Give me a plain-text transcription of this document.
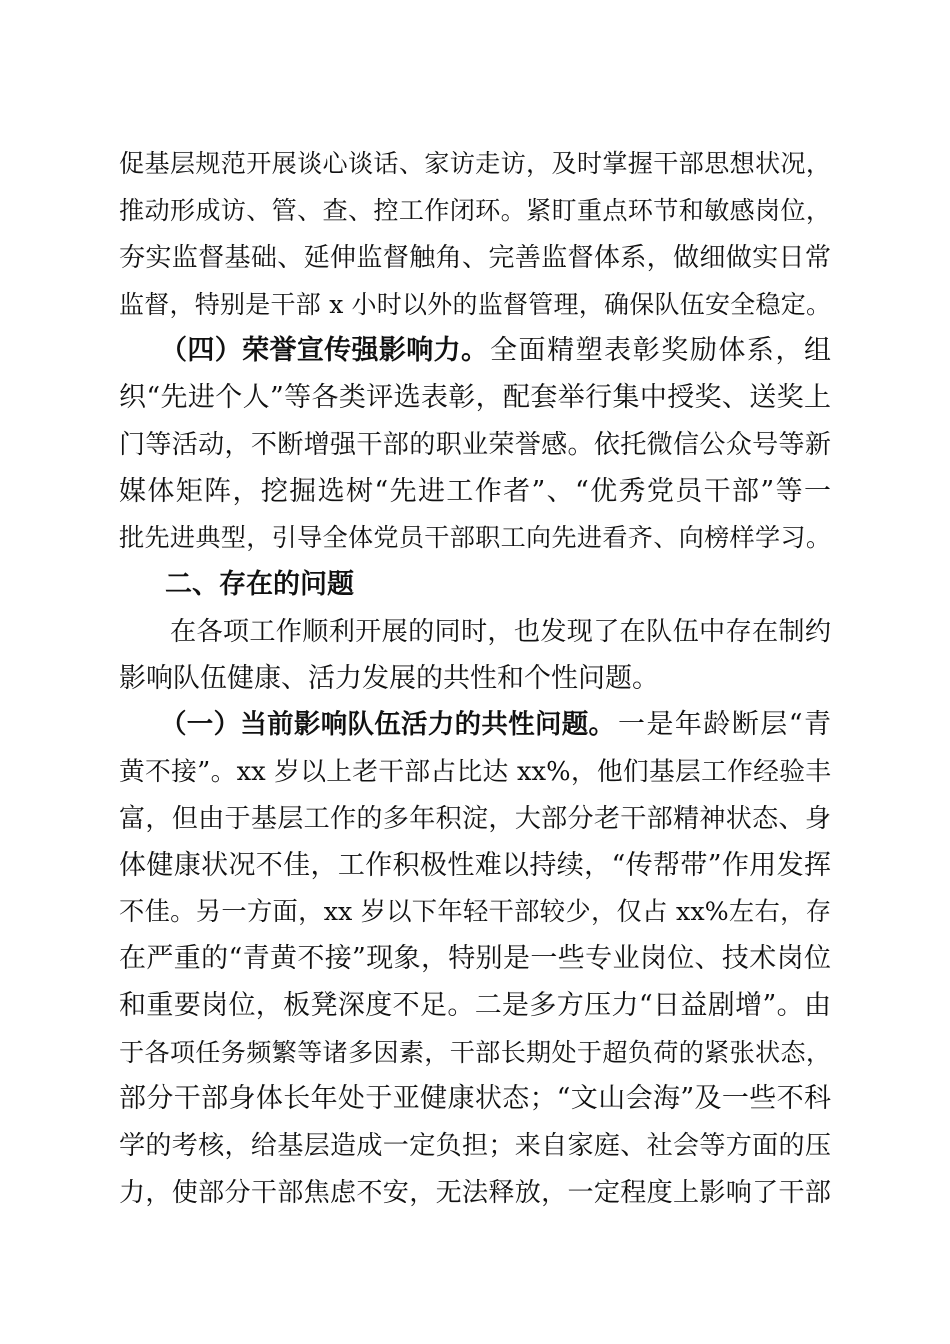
促基层规范开展谈心谈话、家访走访，及时掌握干部思想状况，
推动形成访、管、查、控工作闭环。紧盯重点环节和敏感岗位，
夯实监督基础、延伸监督触角、完善监督体系，做细做实日常
监督，特别是干部 x 小时以外的监督管理，确保队伍安全稳定。
（四）荣誉宣传强影响力。 全面精塑表彰奖励体系，组
织“先进个人”等各类评选表彰，配套举行集中授奖、送奖上
门等活动，不断增强干部的职业荣誉感。依托微信公众号等新
媒体矩阵，挖掘选树“先进工作者”、“优秀党员干部”等一
批先进典型，引导全体党员干部职工向先进看齐、向榜样学习。
二、存在的问题
在各项工作顺利开展的同时，也发现了在队伍中存在制约
影响队伍健康、活力发展的共性和个性问题。
（一）当前影响队伍活力的共性问题。 一是年龄断层“青
黄不接”。xx 岁以上老干部占比达 xx%，他们基层工作经验丰
富，但由于基层工作的多年积淀，大部分老干部精神状态、身
体健康状况不佳，工作积极性难以持续，“传帮带”作用发挥
不佳。另一方面，xx 岁以下年轻干部较少，仅占 xx%左右，存
在严重的“青黄不接”现象，特别是一些专业岗位、技术岗位
和重要岗位，板凳深度不足。二是多方压力“日益剧增”。由
于各项任务频繁等诸多因素，干部长期处于超负荷的紧张状态，
部分干部身体长年处于亚健康状态；“文山会海”及一些不科
学的考核，给基层造成一定负担；来自家庭、社会等方面的压
力，使部分干部焦虑不安，无法释放，一定程度上影响了干部
